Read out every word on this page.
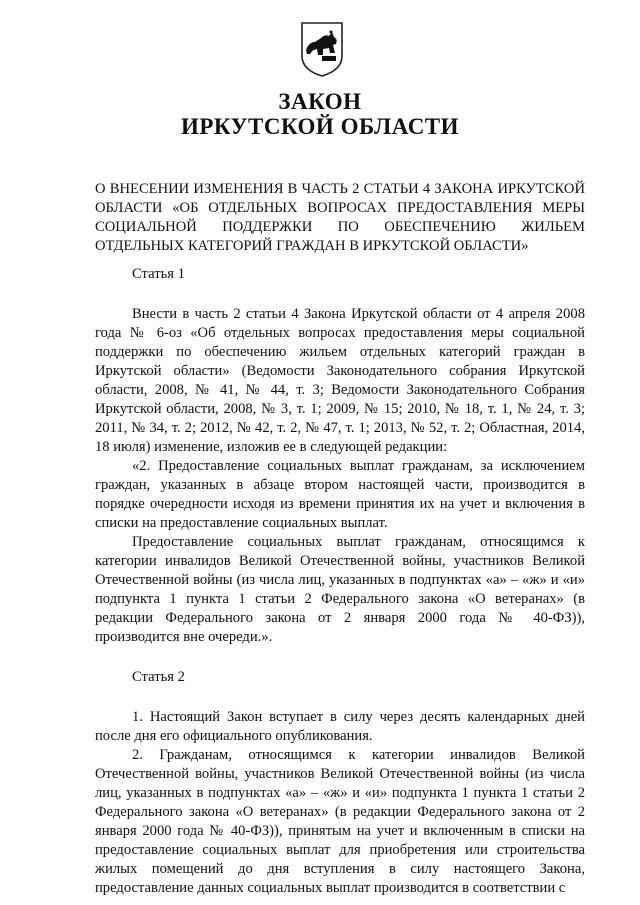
ЗАКОН
ИРКУТСКОЙ ОБЛАСТИ
О ВНЕСЕНИИ ИЗМЕНЕНИЯ В ЧАСТЬ 2 СТАТЬИ 4 ЗАКОНА ИРКУТСКОЙ ОБЛАСТИ «ОБ ОТДЕЛЬНЫХ ВОПРОСАХ ПРЕДОСТАВЛЕНИЯ МЕРЫ СОЦИАЛЬНОЙ ПОДДЕРЖКИ ПО ОБЕСПЕЧЕНИЮ ЖИЛЬЕМ ОТДЕЛЬНЫХ КАТЕГОРИЙ ГРАЖДАН В ИРКУТСКОЙ ОБЛАСТИ»

Статья 1

Внести в часть 2 статьи 4 Закона Иркутской области от 4 апреля 2008 года № 6-оз «Об отдельных вопросах предоставления меры социальной поддержки по обеспечению жильем отдельных категорий граждан в Иркутской области» (Ведомости Законодательного собрания Иркутской области, 2008, № 41, № 44, т. 3; Ведомости Законодательного Собрания Иркутской области, 2008, № 3, т. 1; 2009, № 15; 2010, № 18, т. 1, № 24, т. 3; 2011, № 34, т. 2; 2012, № 42, т. 2, № 47, т. 1; 2013, № 52, т. 2; Областная, 2014, 18 июля) изменение, изложив ее в следующей редакции:

«2. Предоставление социальных выплат гражданам, за исключением граждан, указанных в абзаце втором настоящей части, производится в порядке очередности исходя из времени принятия их на учет и включения в списки на предоставление социальных выплат.

Предоставление социальных выплат гражданам, относящимся к категории инвалидов Великой Отечественной войны, участников Великой Отечественной войны (из числа лиц, указанных в подпунктах «а» – «ж» и «и» подпункта 1 пункта 1 статьи 2 Федерального закона «О ветеранах» (в редакции Федерального закона от 2 января 2000 года № 40-ФЗ)), производится вне очереди.».

Статья 2

1. Настоящий Закон вступает в силу через десять календарных дней после дня его официального опубликования.

2. Гражданам, относящимся к категории инвалидов Великой Отечественной войны, участников Великой Отечественной войны (из числа лиц, указанных в подпунктах «а» – «ж» и «и» подпункта 1 пункта 1 статьи 2 Федерального закона «О ветеранах» (в редакции Федерального закона от 2 января 2000 года № 40-ФЗ)), принятым на учет и включенным в списки на предоставление социальных выплат для приобретения или строительства жилых помещений до дня вступления в силу настоящего Закона, предоставление данных социальных выплат производится в соответствии с
